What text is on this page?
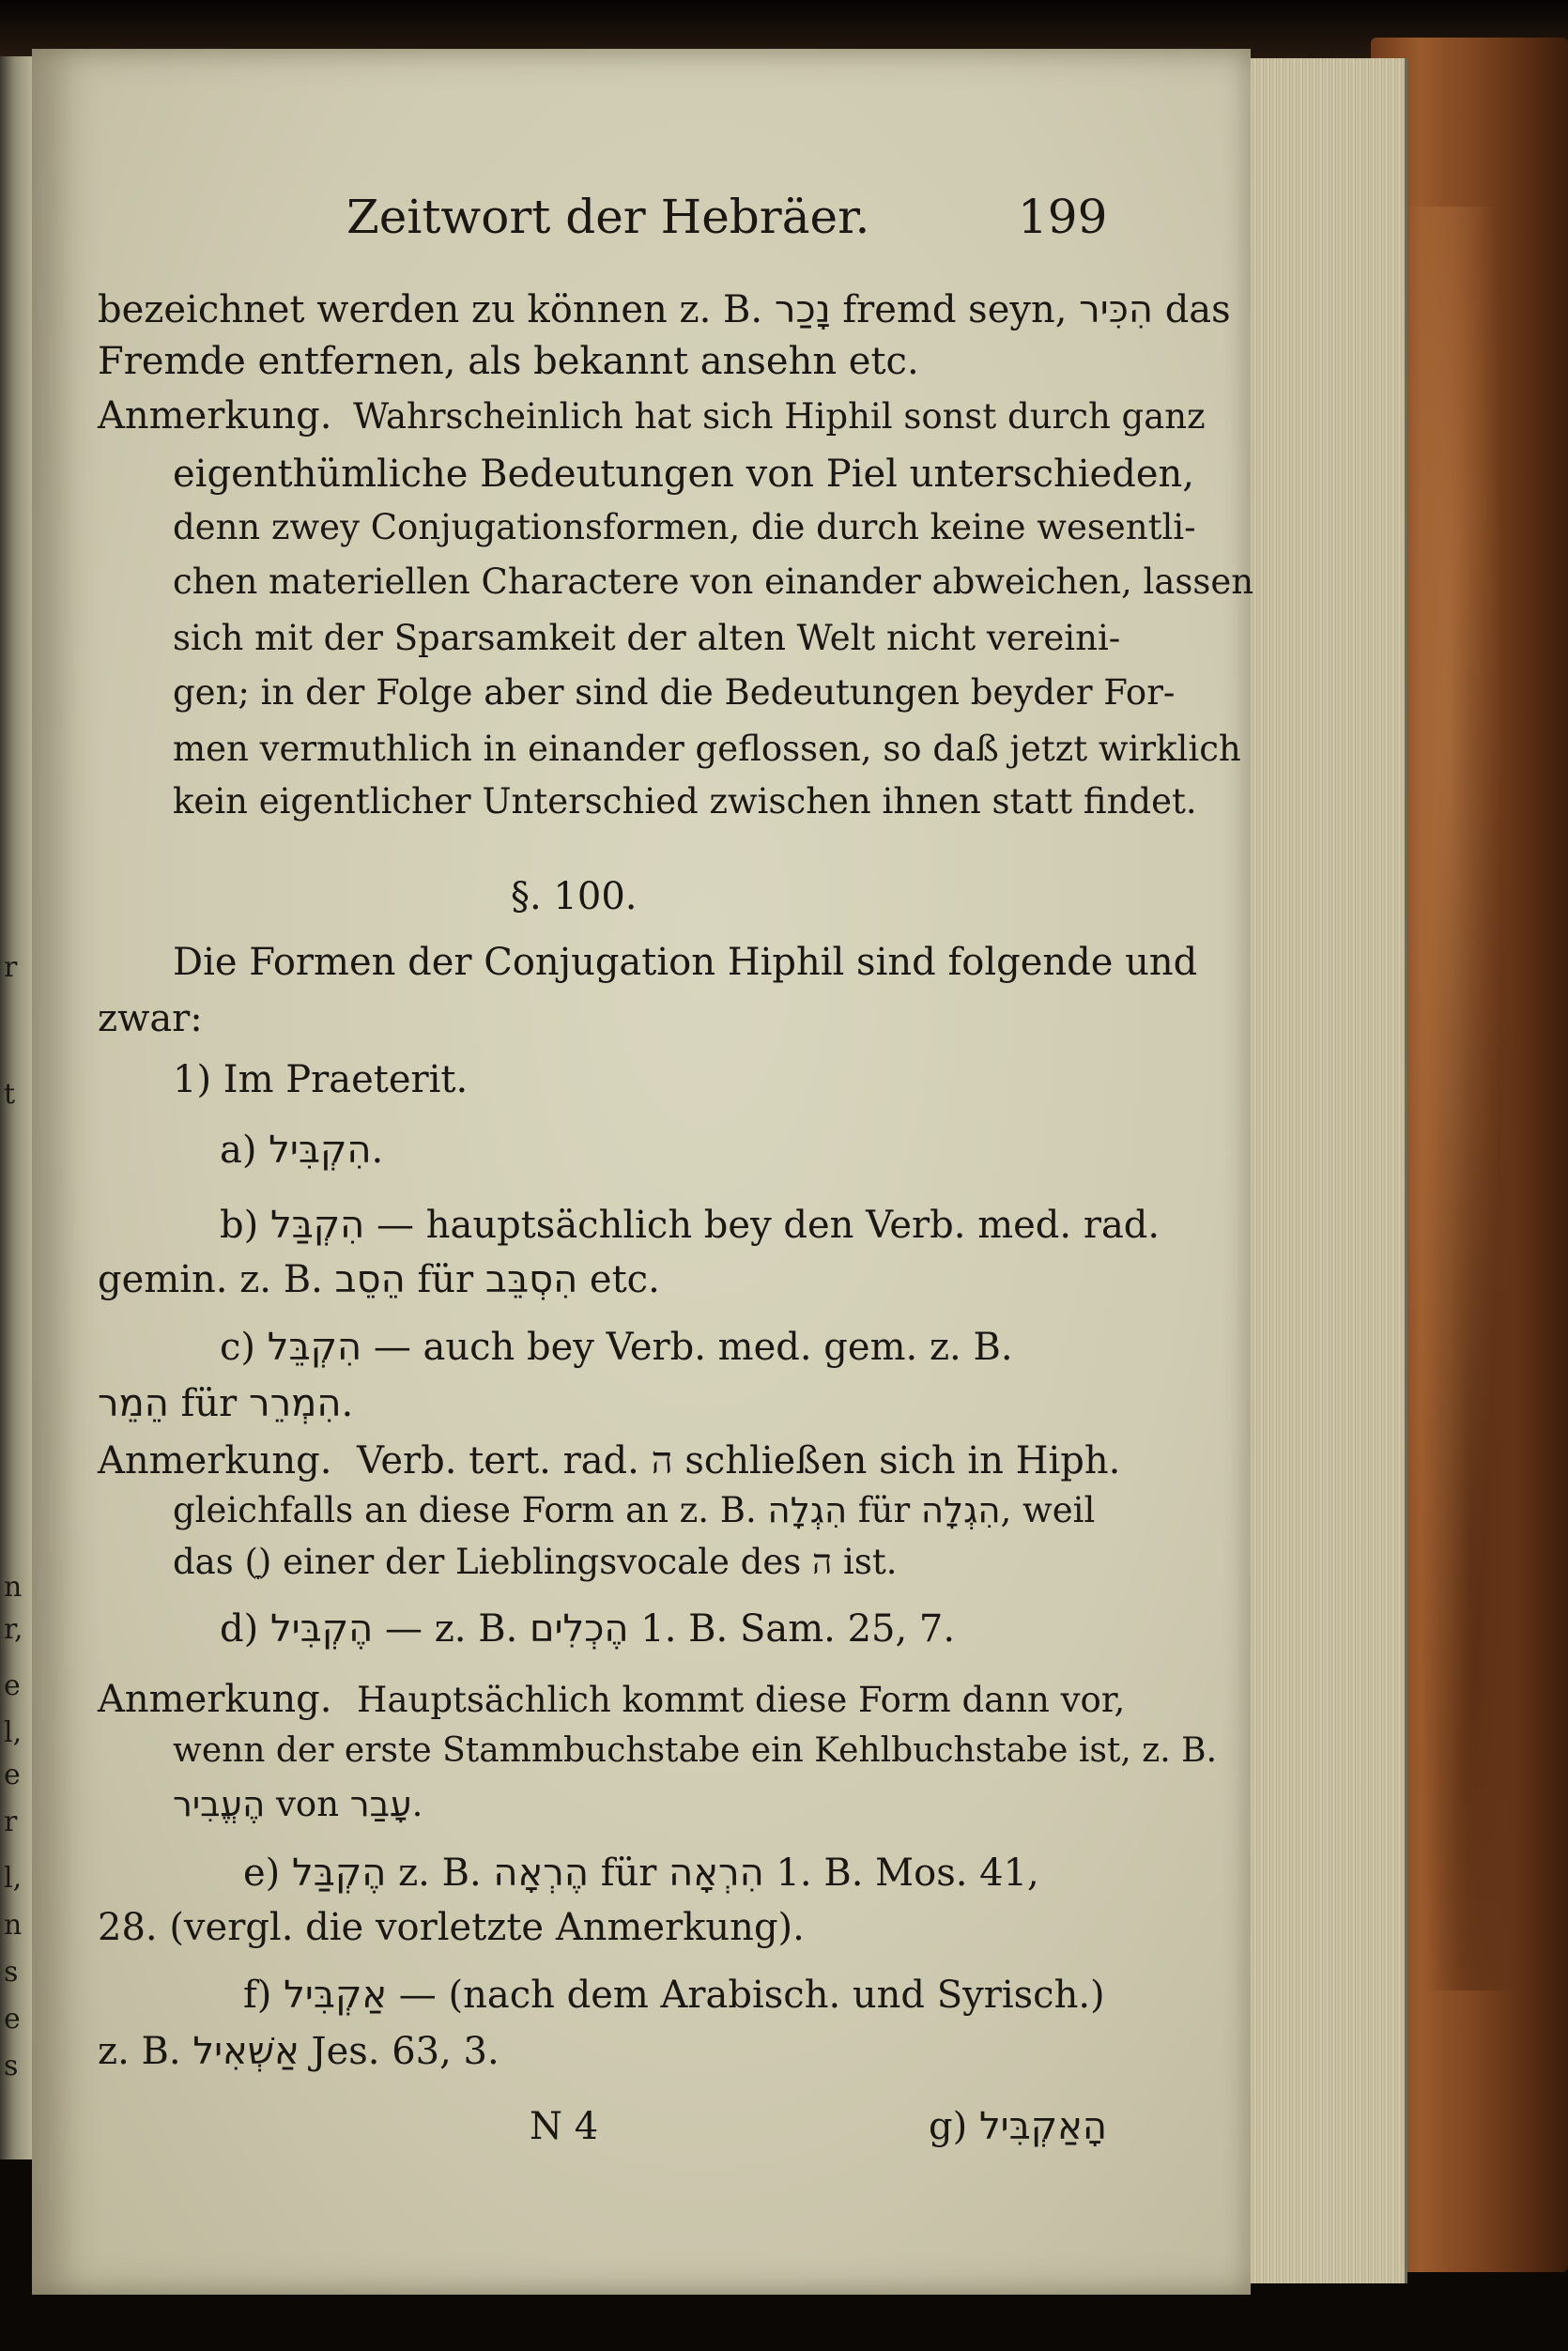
r
t
n
r,
e
l,
e
r
l,
n
s
e
s
Zeitwort der Hebräer.	199
bezeichnet werden zu können z. B. נָכַר fremd seyn, הִכִּיר das
Fremde entfernen, als bekannt ansehn etc.
Anmerkung. Wahrscheinlich hat sich Hiphil sonst durch ganz
eigenthümliche Bedeutungen von Piel unterschieden,
denn zwey Conjugationsformen, die durch keine wesentli-
chen materiellen Charactere von einander abweichen, lassen
sich mit der Sparsamkeit der alten Welt nicht vereini-
gen; in der Folge aber sind die Bedeutungen beyder For-
men vermuthlich in einander geflossen, so daß jetzt wirklich
kein eigentlicher Unterschied zwischen ihnen statt findet.
§. 100.
Die Formen der Conjugation Hiphil sind folgende und
zwar:
1) Im Praeterit.
a) הִקְבִּיל.
b) הִקְבַּל — hauptsächlich bey den Verb. med. rad.
gemin. z. B. הֵסֵב für הִסְבֵּב etc.
c) הִקְבֵּל — auch bey Verb. med. gem. z. B.
הֵמֵר für הִמְרֵר.
Anmerkung. Verb. tert. rad. ה schließen sich in Hiph.
gleichfalls an diese Form an z. B. הִגְלָה für הִגְלָה, weil
das (ָ) einer der Lieblingsvocale des ה ist.
d) הֶקְבִּיל — z. B. הֶכְלִים 1. B. Sam. 25, 7.
Anmerkung. Hauptsächlich kommt diese Form dann vor,
wenn der erste Stammbuchstabe ein Kehlbuchstabe ist, z. B.
הֶעֱבִיר von עָבַר.
e) הֶקְבַּל z. B. הֶרְאָה für הִרְאָה 1. B. Mos. 41,
28. (vergl. die vorletzte Anmerkung).
f) אַקְבִּיל — (nach dem Arabisch. und Syrisch.)
z. B. אַשְׁאִיל Jes. 63, 3.
N 4	g) הָאַקְבִּיל
